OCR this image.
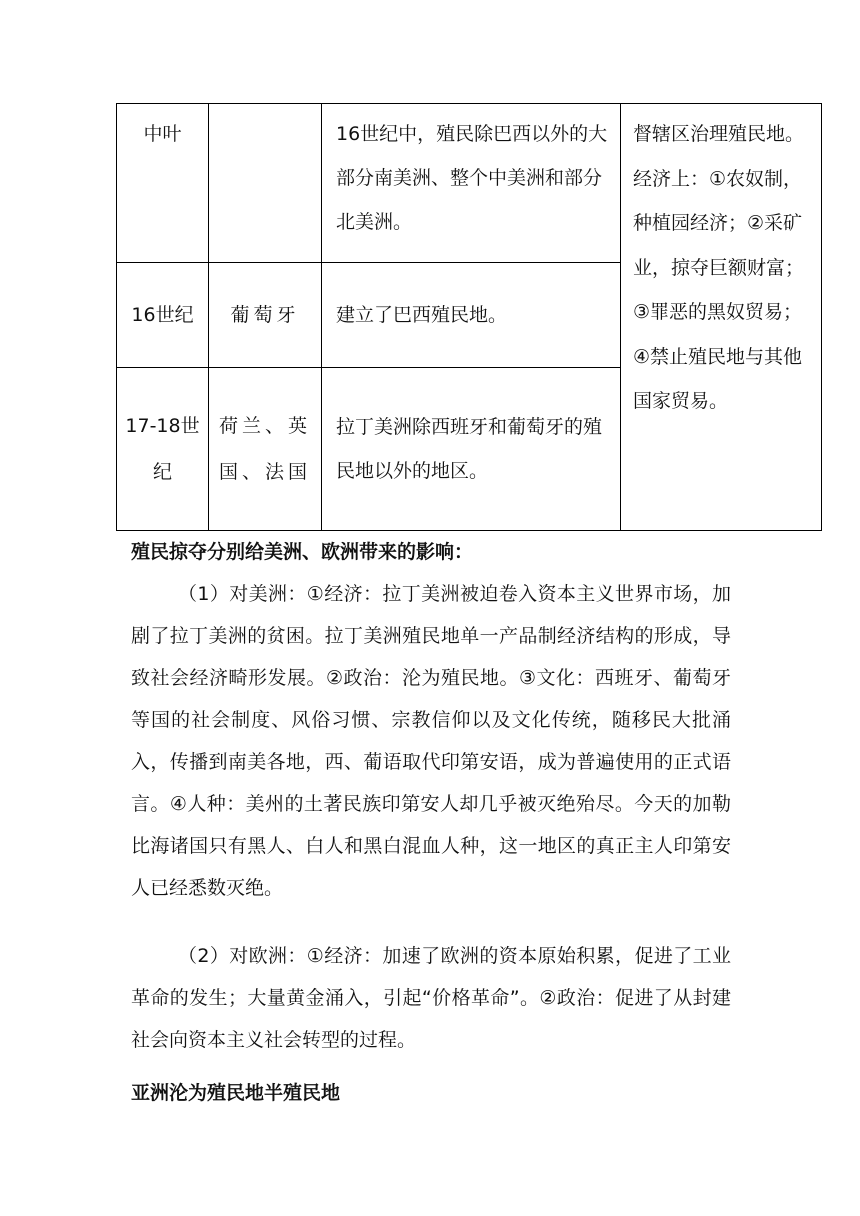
中叶		16世纪中，殖民除巴西以外的大部分南美洲、整个中美洲和部分北美洲。	督辖区治理殖民地。经济上：①农奴制，种植园经济；②采矿业，掠夺巨额财富；③罪恶的黑奴贸易；④禁止殖民地与其他国家贸易。

16世纪	葡萄牙	建立了巴西殖民地。	
17-18世纪	荷兰、英国、法国	拉丁美洲除西班牙和葡萄牙的殖民地以外的地区。	

殖民掠夺分别给美洲、欧洲带来的影响：

（1）对美洲：①经济：拉丁美洲被迫卷入资本主义世界市场，加剧了拉丁美洲的贫困。拉丁美洲殖民地单一产品制经济结构的形成，导致社会经济畸形发展。②政治：沦为殖民地。③文化：西班牙、葡萄牙等国的社会制度、风俗习惯、宗教信仰以及文化传统，随移民大批涌入，传播到南美各地，西、葡语取代印第安语，成为普遍使用的正式语言。④人种：美州的土著民族印第安人却几乎被灭绝殆尽。今天的加勒比海诸国只有黑人、白人和黑白混血人种，这一地区的真正主人印第安人已经悉数灭绝。

（2）对欧洲：①经济：加速了欧洲的资本原始积累，促进了工业革命的发生；大量黄金涌入，引起“价格革命”。②政治：促进了从封建社会向资本主义社会转型的过程。

亚洲沦为殖民地半殖民地
